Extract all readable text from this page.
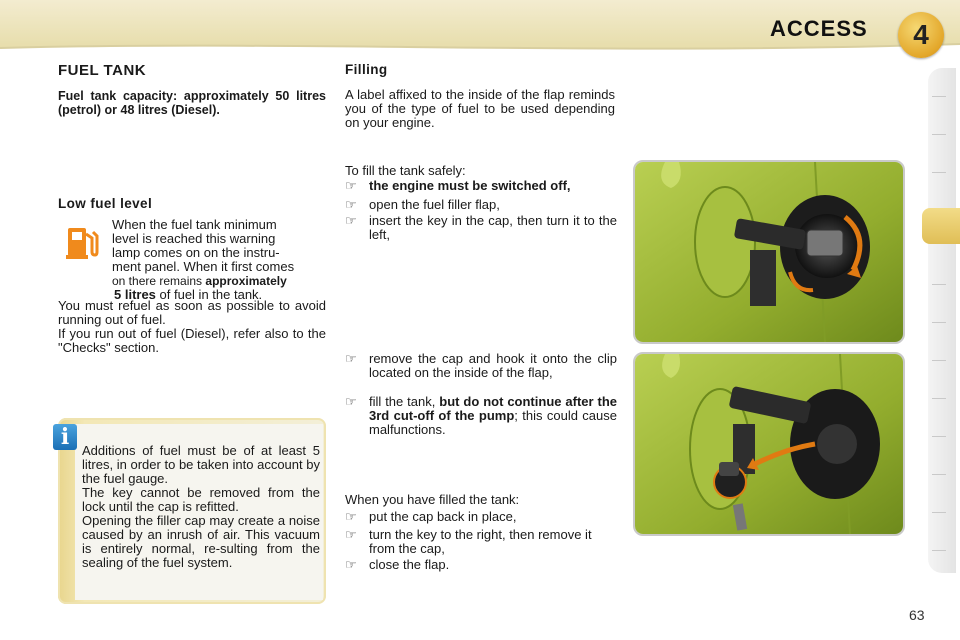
ACCESS	4
FUEL TANK
Fuel tank capacity: approximately 50 litres (petrol) or 48 litres (Diesel).
Low fuel level
When the fuel tank minimum
level is reached this warning
lamp comes on on the instru-
ment panel. When it first comes
on there remains approximately
5 litres of fuel in the tank.
You must refuel as soon as possible to avoid running out of fuel.
If you run out of fuel (Diesel), refer also to the "Checks" section.
i
Additions of fuel must be of at least 5 litres, in order to be taken into account by the fuel gauge.
The key cannot be removed from the lock until the cap is refitted.
Opening the filler cap may create a noise caused by an inrush of air. This vacuum is entirely normal, re-sulting from the sealing of the fuel system.
Filling
A label affixed to the inside of the flap reminds you of the type of fuel to be used depending on your engine.
To fill the tank safely:
☞ the engine must be switched off,
☞ open the fuel filler flap,
☞ insert the key in the cap, then turn it to the left,
☞ remove the cap and hook it onto the clip located on the inside of the flap,
☞ fill the tank, but do not continue after the 3rd cut-off of the pump; this could cause malfunctions.
When you have filled the tank:
☞ put the cap back in place,
☞ turn the key to the right, then remove it from the cap,
☞ close the flap.
63
